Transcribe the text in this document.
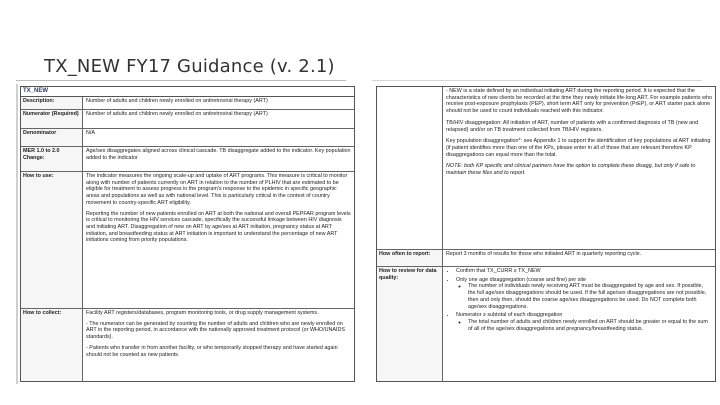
TX_NEW FY17 Guidance (v. 2.1)
TX_NEW
Description:	Number of adults and children newly enrolled on antiretroviral therapy (ART)
Numerator (Required)	Number of adults and children newly enrolled on antiretroviral therapy (ART)
Denominator	N/A
MER 1.0 to 2.0 Change:
Age/sex disaggregates aligned across clinical cascade. TB disaggregate added to the indicator. Key population added to the indicator
How to use:	The indicator measures the ongoing scale-up and uptake of ART programs. This measure is critical to monitor along with number of patients currently on ART in relation to the number of PLHIV that are estimated to be eligible for treatment to assess progress in the program's response to the epidemic in specific geographic areas and populations as well as with national level. This is particularly critical in the context of country movement to country-specific ART eligibility.

Reporting the number of new patients enrolled on ART at both the national and overall PEPFAR program levels is critical to monitoring the HIV services cascade, specifically the successful linkage between HIV diagnosis and initiating ART. Disaggregation of new on ART by age/sex at ART initiation, pregnancy status at ART initiation, and breastfeeding status at ART initiation is important to understand the percentage of new ART initiations coming from priority populations.

How to collect:	Facility ART registers/databases, program monitoring tools, or drug supply management systems.

- The numerator can be generated by counting the number of adults and children who are newly enrolled on ART in the reporting period, in accordance with the nationally approved treatment protocol (or WHO/UNAIDS standards).

- Patients who transfer in from another facility, or who temporarily stopped therapy and have started again should not be counted as new patients.

- NEW is a state defined by an individual initiating ART during the reporting period. It is expected that the characteristics of new clients be recorded at the time they newly initiate life-long ART. For example patients who receive post-exposure prophylaxis (PEP), short term ART only for prevention (PrEP), or ART starter pack alone should not be used to count individuals reached with this indicator.

TB/HIV disaggregation: All initiation of ART, number of patients with a confirmed diagnosis of TB (new and relapsed) and/or on TB treatment collected from TB/HIV registers.

Key population disaggregation*: see Appendix 1 to support the identification of key populations at ART initiating (if patient identifies more than one of the KPs, please enter in all of those that are relevant therefore KP disaggregations can equal more than the total.

NOTE: both KP specific and clinical partners have the option to complete these disagg, but only if safe to maintain these files and to report.

How often to report:	Report 3 months of results for those who initiated ART in quarterly reporting cycle.
How to review for data quality:
• Confirm that TX_CURR ≥ TX_NEW
• Only one age disaggregation (coarse and fine) per site
◦ The number of individuals newly receiving ART must be disaggregated by age and sex. If possible, the full age/sex disaggregations should be used. If the full age/sex disaggregations are not possible, then and only then, should the coarse age/sex disaggregations be used. Do NOT complete both age/sex disaggregations.
• Numerator ≥ subtotal of each disaggregation
◦ The total number of adults and children newly enrolled on ART should be greater or equal to the sum of all of the age/sex disaggregations and pregnancy/breastfeeding status.
